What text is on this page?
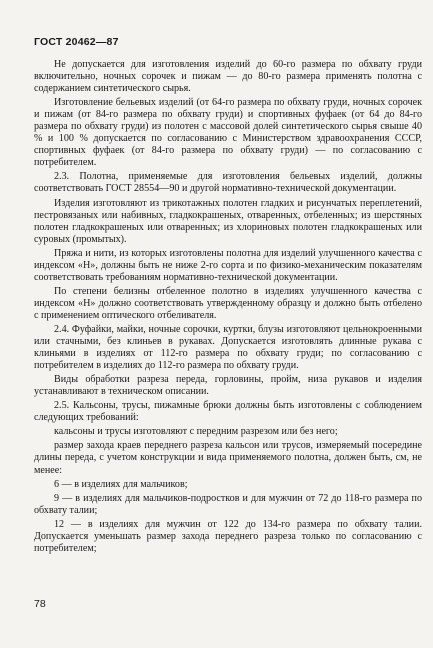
ГОСТ 20462—87

Не допускается для изготовления изделий до 60-го размера по обхвату груди включительно, ночных сорочек и пижам — до 80-го размера применять полотна с содержанием синтетического сырья.

Изготовление бельевых изделий (от 64-го размера по обхвату груди, ночных сорочек и пижам (от 84-го размера по обхвату груди) и спортивных фуфаек (от 64 до 84-го размера по обхвату груди) из полотен с массовой долей синтетического сырья свыше 40 % и 100 % допускается по согласованию с Министерством здравоохранения СССР, спортивных фуфаек (от 84-го размера по обхвату груди) — по согласованию с потребителем.

2.3. Полотна, применяемые для изготовления бельевых изделий, должны соответствовать ГОСТ 28554—90 и другой нормативно-технической документации.

Изделия изготовляют из трикотажных полотен гладких и рисунчатых переплетений, пестровязаных или набивных, гладкокрашеных, отваренных, отбеленных; из шерстяных полотен гладкокрашеных или отваренных; из хлориновых полотен гладкокрашеных или суровых (промытых).

Пряжа и нити, из которых изготовлены полотна для изделий улучшенного качества с индексом «Н», должны быть не ниже 2-го сорта и по физико-механическим показателям соответствовать требованиям нормативно-технической документации.

По степени белизны отбеленное полотно в изделиях улучшенного качества с индексом «Н» должно соответствовать утвержденному образцу и должно быть отбелено с применением оптического отбеливателя.

2.4. Фуфайки, майки, ночные сорочки, куртки, блузы изготовляют цельнокроенными или стачными, без клиньев в рукавах. Допускается изготовлять длинные рукава с клиньями в изделиях от 112-го размера по обхвату груди; по согласованию с потребителем в изделиях до 112-го размера по обхвату груди.

Виды обработки разреза переда, горловины, пройм, низа рукавов и изделия устанавливают в техническом описании.

2.5. Кальсоны, трусы, пижамные брюки должны быть изготовлены с соблюдением следующих требований:

кальсоны и трусы изготовляют с передним разрезом или без него;

размер захода краев переднего разреза кальсон или трусов, измеряемый посередине длины переда, с учетом конструкции и вида применяемого полотна, должен быть, см, не менее:

6 — в изделиях для мальчиков;

9 — в изделиях для мальчиков-подростков и для мужчин от 72 до 118-го размера по обхвату талии;

12 — в изделиях для мужчин от 122 до 134-го размера по обхвату талии. Допускается уменьшать размер захода переднего разреза только по согласованию с потребителем;

78
